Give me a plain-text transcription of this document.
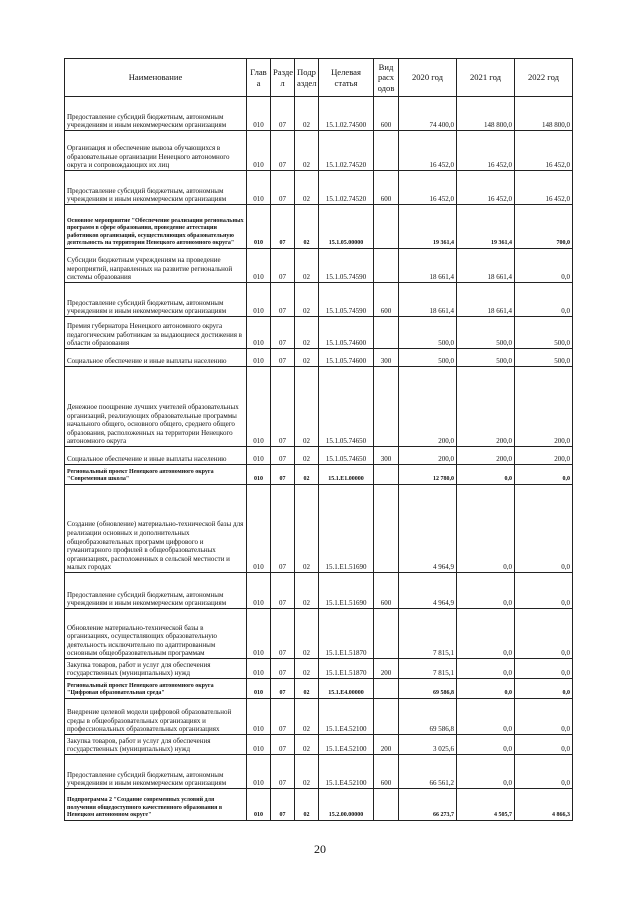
Наименование	Глав а	Разде л	Подр аздел	Целевая статья	Вид расх одов	2020 год	2021 год	2022 год
Предоставление субсидий бюджетным, автономным учреждениям и иным некоммерческим организациям	010	07	02	15.1.02.74500	600	74 400,0	148 800,0	148 800,0
Организация и обеспечение вывоза обучающихся в образовательные организации Ненецкого автономного округа и сопровождающих их лиц	010	07	02	15.1.02.74520		16 452,0	16 452,0	16 452,0
Предоставление субсидий бюджетным, автономным учреждениям и иным некоммерческим организациям	010	07	02	15.1.02.74520	600	16 452,0	16 452,0	16 452,0
Основное мероприятие "Обеспечение реализации региональных программ в сфере образования, проведение аттестации работников организаций, осуществляющих образовательную деятельность на территории Ненецкого автономного округа"	010	07	02	15.1.05.00000		19 361,4	19 361,4	700,0
Субсидии бюджетным учреждениям на проведение мероприятий, направленных на развитие региональной системы образования	010	07	02	15.1.05.74590		18 661,4	18 661,4	0,0
Предоставление субсидий бюджетным, автономным учреждениям и иным некоммерческим организациям	010	07	02	15.1.05.74590	600	18 661,4	18 661,4	0,0
Премия губернатора Ненецкого автономного округа педагогическим работникам за выдающиеся достижения в области образования	010	07	02	15.1.05.74600		500,0	500,0	500,0
Социальное обеспечение и иные выплаты населению	010	07	02	15.1.05.74600	300	500,0	500,0	500,0
Денежное поощрение лучших учителей образовательных организаций, реализующих образовательные программы начального общего, основного общего, среднего общего образования, расположенных на территории Ненецкого автономного округа	010	07	02	15.1.05.74650		200,0	200,0	200,0
Социальное обеспечение и иные выплаты населению	010	07	02	15.1.05.74650	300	200,0	200,0	200,0
Региональный проект Ненецкого автономного округа "Современная школа"	010	07	02	15.1.E1.00000		12 780,0	0,0	0,0
Создание (обновление) материально-технической базы для реализации основных и дополнительных общеобразовательных программ цифрового и гуманитарного профилей в общеобразовательных организациях, расположенных в сельской местности и малых городах	010	07	02	15.1.E1.51690		4 964,9	0,0	0,0
Предоставление субсидий бюджетным, автономным учреждениям и иным некоммерческим организациям	010	07	02	15.1.E1.51690	600	4 964,9	0,0	0,0
Обновление материально-технической базы в организациях, осуществляющих образовательную деятельность исключительно по адаптированным основным общеобразовательным программам	010	07	02	15.1.E1.51870		7 815,1	0,0	0,0
Закупка товаров, работ и услуг для обеспечения государственных (муниципальных) нужд	010	07	02	15.1.E1.51870	200	7 815,1	0,0	0,0
Региональный проект Ненецкого автономного округа "Цифровая образовательная среда"	010	07	02	15.1.E4.00000		69 586,8	0,0	0,0
Внедрение целевой модели цифровой образовательной среды в общеобразовательных организациях и профессиональных образовательных организациях	010	07	02	15.1.E4.52100		69 586,8	0,0	0,0
Закупка товаров, работ и услуг для обеспечения государственных (муниципальных) нужд	010	07	02	15.1.E4.52100	200	3 025,6	0,0	0,0
Предоставление субсидий бюджетным, автономным учреждениям и иным некоммерческим организациям	010	07	02	15.1.E4.52100	600	66 561,2	0,0	0,0
Подпрограмма 2 "Создание современных условий для получения общедоступного качественного образования в Ненецком автономном округе"	010	07	02	15.2.00.00000		66 273,7	4 505,7	4 866,3
20
